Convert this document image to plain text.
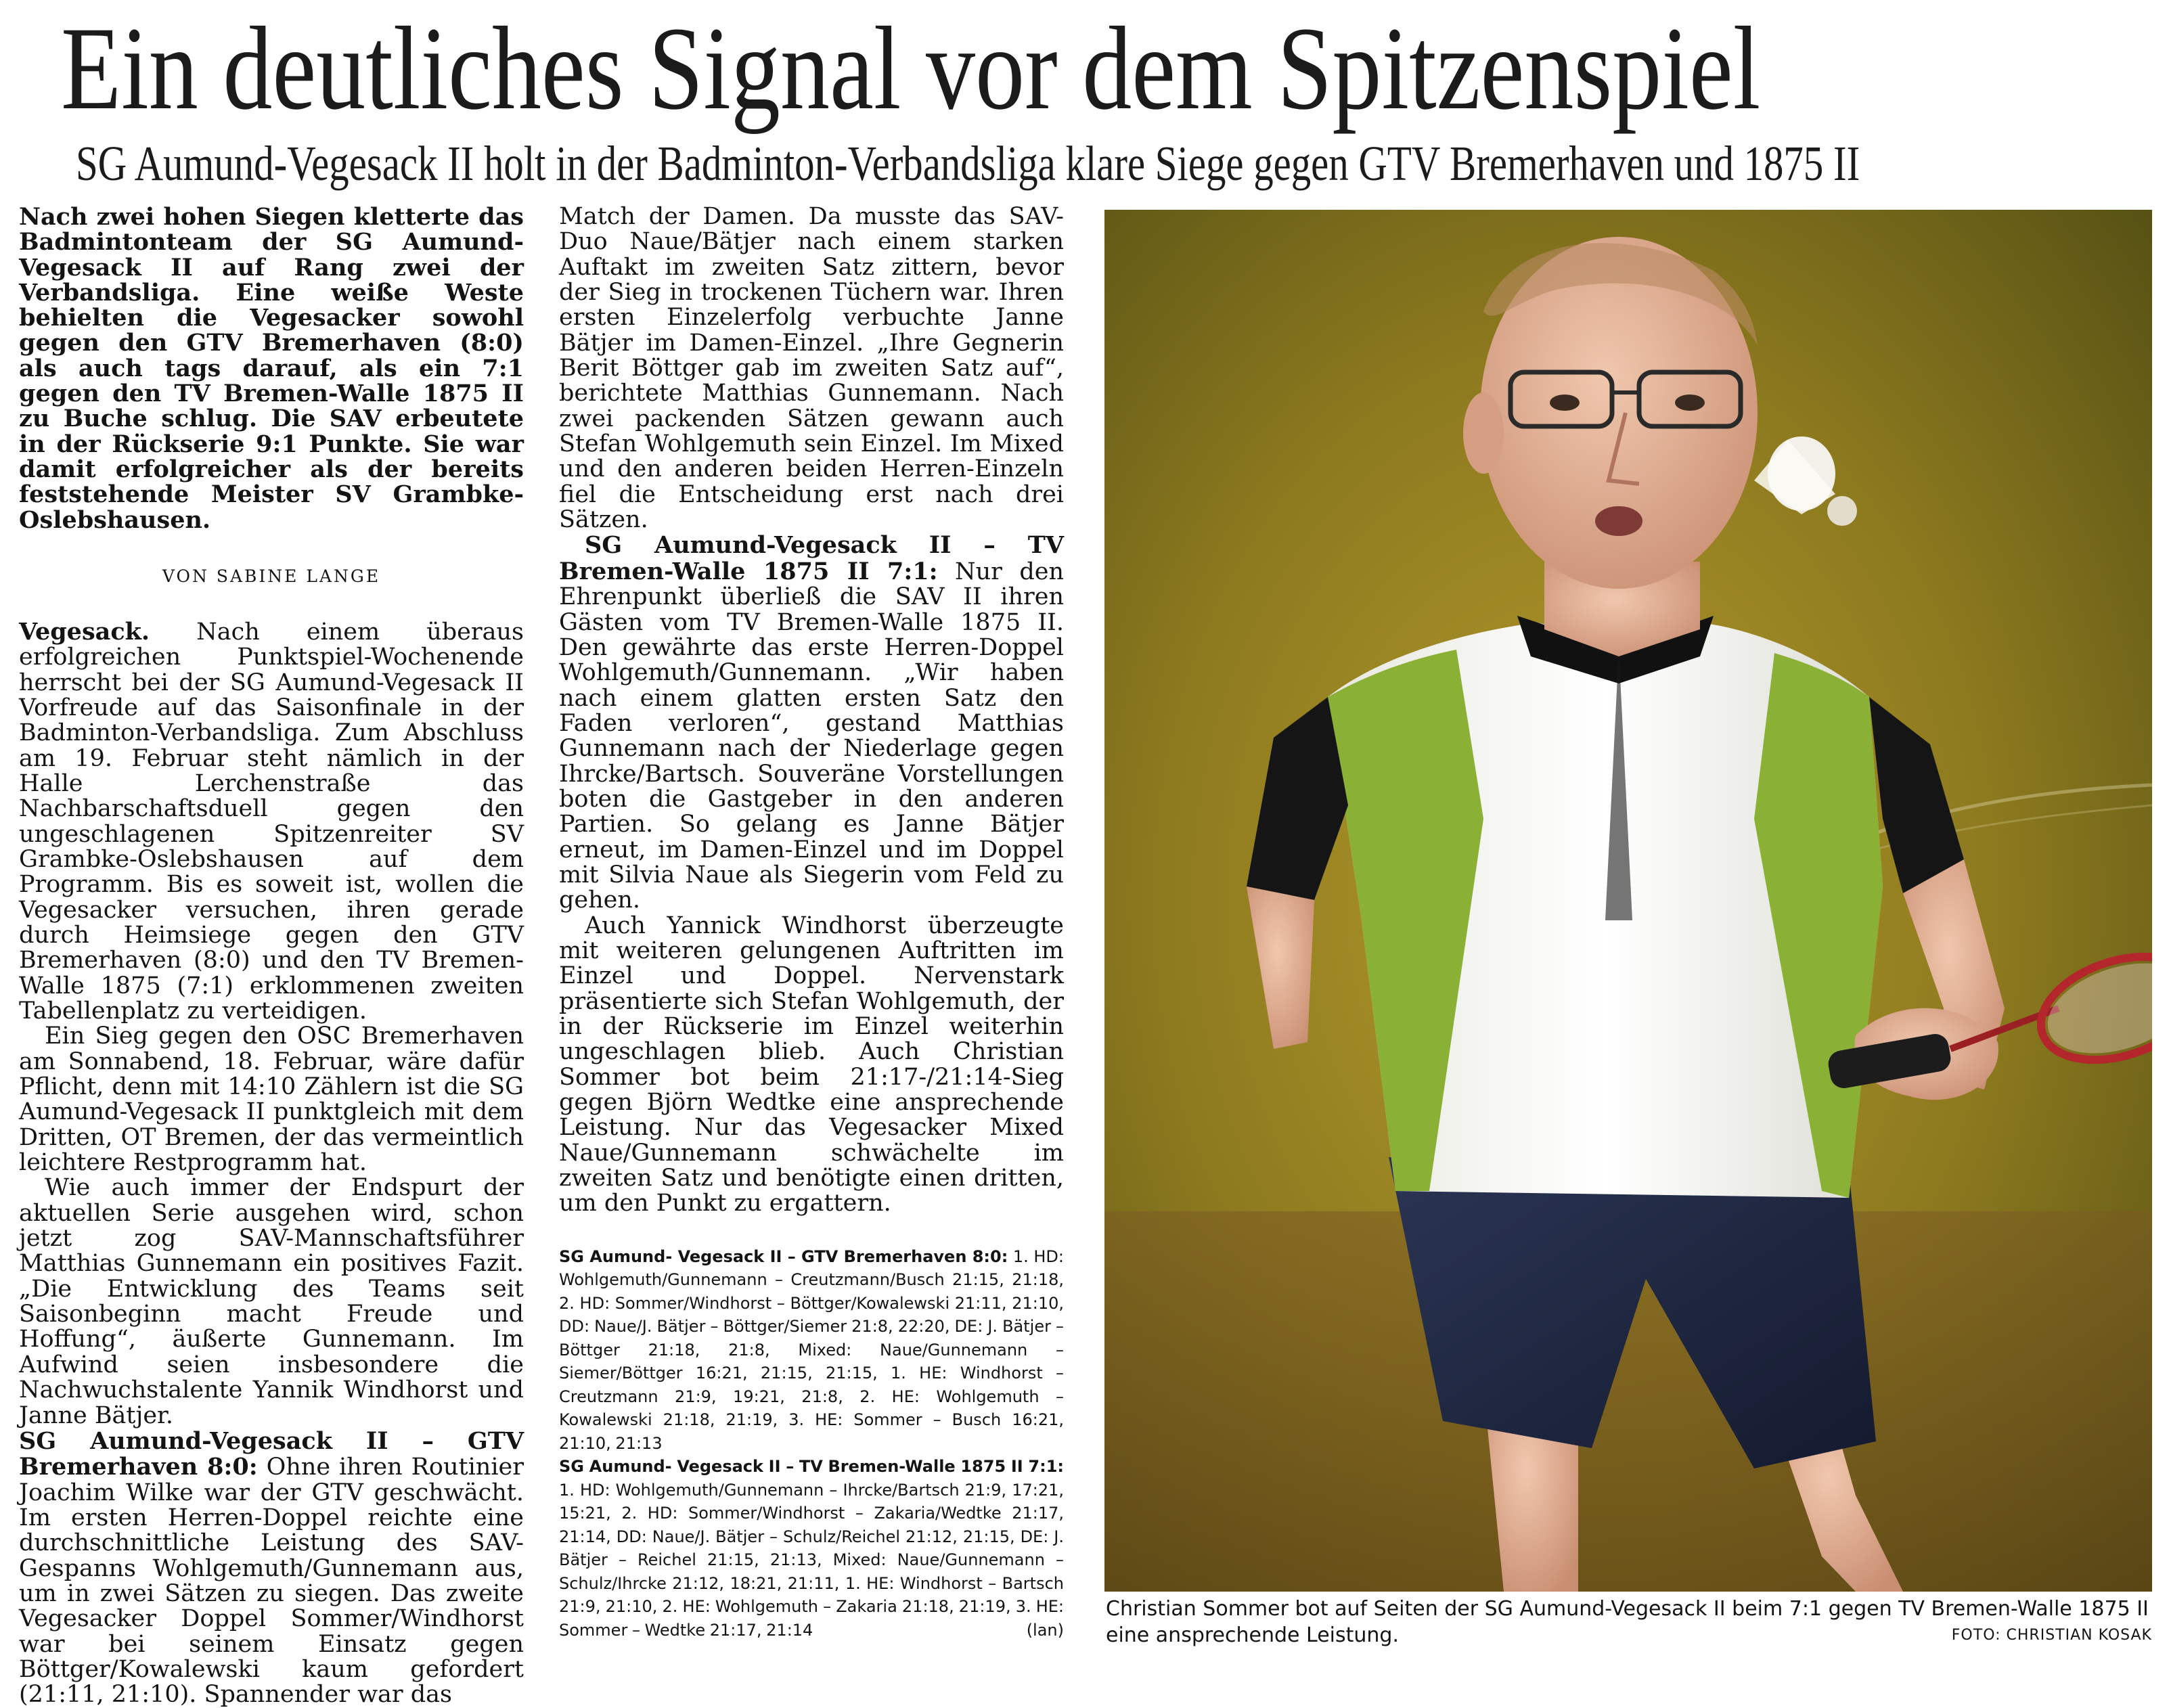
Ein deutliches Signal vor dem Spitzenspiel
SG Aumund-Vegesack II holt in der Badminton-Verbandsliga klare Siege gegen GTV Bremerhaven und 1875 II

Nach zwei hohen Siegen kletterte das Badmintonteam der SG Aumund-Vegesack II auf Rang zwei der Verbandsliga. Eine weiße Weste behielten die Vegesacker sowohl gegen den GTV Bremerhaven (8:0) als auch tags darauf, als ein 7:1 gegen den TV Bremen-Walle 1875 II zu Buche schlug. Die SAV erbeutete in der Rückserie 9:1 Punkte. Sie war damit erfolgreicher als der bereits feststehende Meister SV Grambke-Oslebshausen.

VON SABINE LANGE

Vegesack. Nach einem überaus erfolgreichen Punktspiel-Wochenende herrscht bei der SG Aumund-Vegesack II Vorfreude auf das Saisonfinale in der Badminton-Verbandsliga. Zum Abschluss am 19. Februar steht nämlich in der Halle Lerchenstraße das Nachbarschaftsduell gegen den ungeschlagenen Spitzenreiter SV Grambke-Oslebshausen auf dem Programm. Bis es soweit ist, wollen die Vegesacker versuchen, ihren gerade durch Heimsiege gegen den GTV Bremerhaven (8:0) und den TV Bremen-Walle 1875 (7:1) erklommenen zweiten Tabellenplatz zu verteidigen.

Ein Sieg gegen den OSC Bremerhaven am Sonnabend, 18. Februar, wäre dafür Pflicht, denn mit 14:10 Zählern ist die SG Aumund-Vegesack II punktgleich mit dem Dritten, OT Bremen, der das vermeintlich leichtere Restprogramm hat.

Wie auch immer der Endspurt der aktuellen Serie ausgehen wird, schon jetzt zog SAV-Mannschaftsführer Matthias Gunnemann ein positives Fazit. „Die Entwicklung des Teams seit Saisonbeginn macht Freude und Hoffung“, äußerte Gunnemann. Im Aufwind seien insbesondere die Nachwuchstalente Yannik Windhorst und Janne Bätjer.

SG Aumund-Vegesack II – GTV Bremerhaven 8:0: Ohne ihren Routinier Joachim Wilke war der GTV geschwächt. Im ersten Herren-Doppel reichte eine durchschnittliche Leistung des SAV-Gespanns Wohlgemuth/Gunnemann aus, um in zwei Sätzen zu siegen. Das zweite Vegesacker Doppel Sommer/Windhorst war bei seinem Einsatz gegen Böttger/Kowalewski kaum gefordert (21:11, 21:10). Spannender war das

Match der Damen. Da musste das SAV-Duo Naue/Bätjer nach einem starken Auftakt im zweiten Satz zittern, bevor der Sieg in trockenen Tüchern war. Ihren ersten Einzelerfolg verbuchte Janne Bätjer im Damen-Einzel. „Ihre Gegnerin Berit Böttger gab im zweiten Satz auf“, berichtete Matthias Gunnemann. Nach zwei packenden Sätzen gewann auch Stefan Wohlgemuth sein Einzel. Im Mixed und den anderen beiden Herren-Einzeln fiel die Entscheidung erst nach drei Sätzen.

SG Aumund-Vegesack II – TV Bremen-Walle 1875 II 7:1: Nur den Ehrenpunkt überließ die SAV II ihren Gästen vom TV Bremen-Walle 1875 II. Den gewährte das erste Herren-Doppel Wohlgemuth/Gunnemann. „Wir haben nach einem glatten ersten Satz den Faden verloren“, gestand Matthias Gunnemann nach der Niederlage gegen Ihrcke/Bartsch. Souveräne Vorstellungen boten die Gastgeber in den anderen Partien. So gelang es Janne Bätjer erneut, im Damen-Einzel und im Doppel mit Silvia Naue als Siegerin vom Feld zu gehen.

Auch Yannick Windhorst überzeugte mit weiteren gelungenen Auftritten im Einzel und Doppel. Nervenstark präsentierte sich Stefan Wohlgemuth, der in der Rückserie im Einzel weiterhin ungeschlagen blieb. Auch Christian Sommer bot beim 21:17-/21:14-Sieg gegen Björn Wedtke eine ansprechende Leistung. Nur das Vegesacker Mixed Naue/Gunnemann schwächelte im zweiten Satz und benötigte einen dritten, um den Punkt zu ergattern.

SG Aumund- Vegesack II – GTV Bremerhaven 8:0: 1. HD: Wohlgemuth/Gunnemann – Creutzmann/Busch 21:15, 21:18, 2. HD: Sommer/Windhorst – Böttger/Kowalewski 21:11, 21:10, DD: Naue/J. Bätjer – Böttger/Siemer 21:8, 22:20, DE: J. Bätjer – Böttger 21:18, 21:8, Mixed: Naue/Gunnemann – Siemer/Böttger 16:21, 21:15, 21:15, 1. HE: Windhorst – Creutzmann 21:9, 19:21, 21:8, 2. HE: Wohlgemuth – Kowalewski 21:18, 21:19, 3. HE: Sommer – Busch 16:21, 21:10, 21:13

SG Aumund- Vegesack II – TV Bremen-Walle 1875 II 7:1: 1. HD: Wohlgemuth/Gunnemann – Ihrcke/Bartsch 21:9, 17:21, 15:21, 2. HD: Sommer/Windhorst – Zakaria/Wedtke 21:17, 21:14, DD: Naue/J. Bätjer – Schulz/Reichel 21:12, 21:15, DE: J. Bätjer – Reichel 21:15, 21:13, Mixed: Naue/Gunnemann – Schulz/Ihrcke 21:12, 18:21, 21:11, 1. HE: Windhorst – Bartsch 21:9, 21:10, 2. HE: Wohlgemuth – Zakaria 21:18, 21:19, 3. HE: Sommer – Wedtke 21:17, 21:14	(lan)

Christian Sommer bot auf Seiten der SG Aumund-Vegesack II beim 7:1 gegen TV Bremen-Walle 1875 II eine ansprechende Leistung.	FOTO: CHRISTIAN KOSAK
